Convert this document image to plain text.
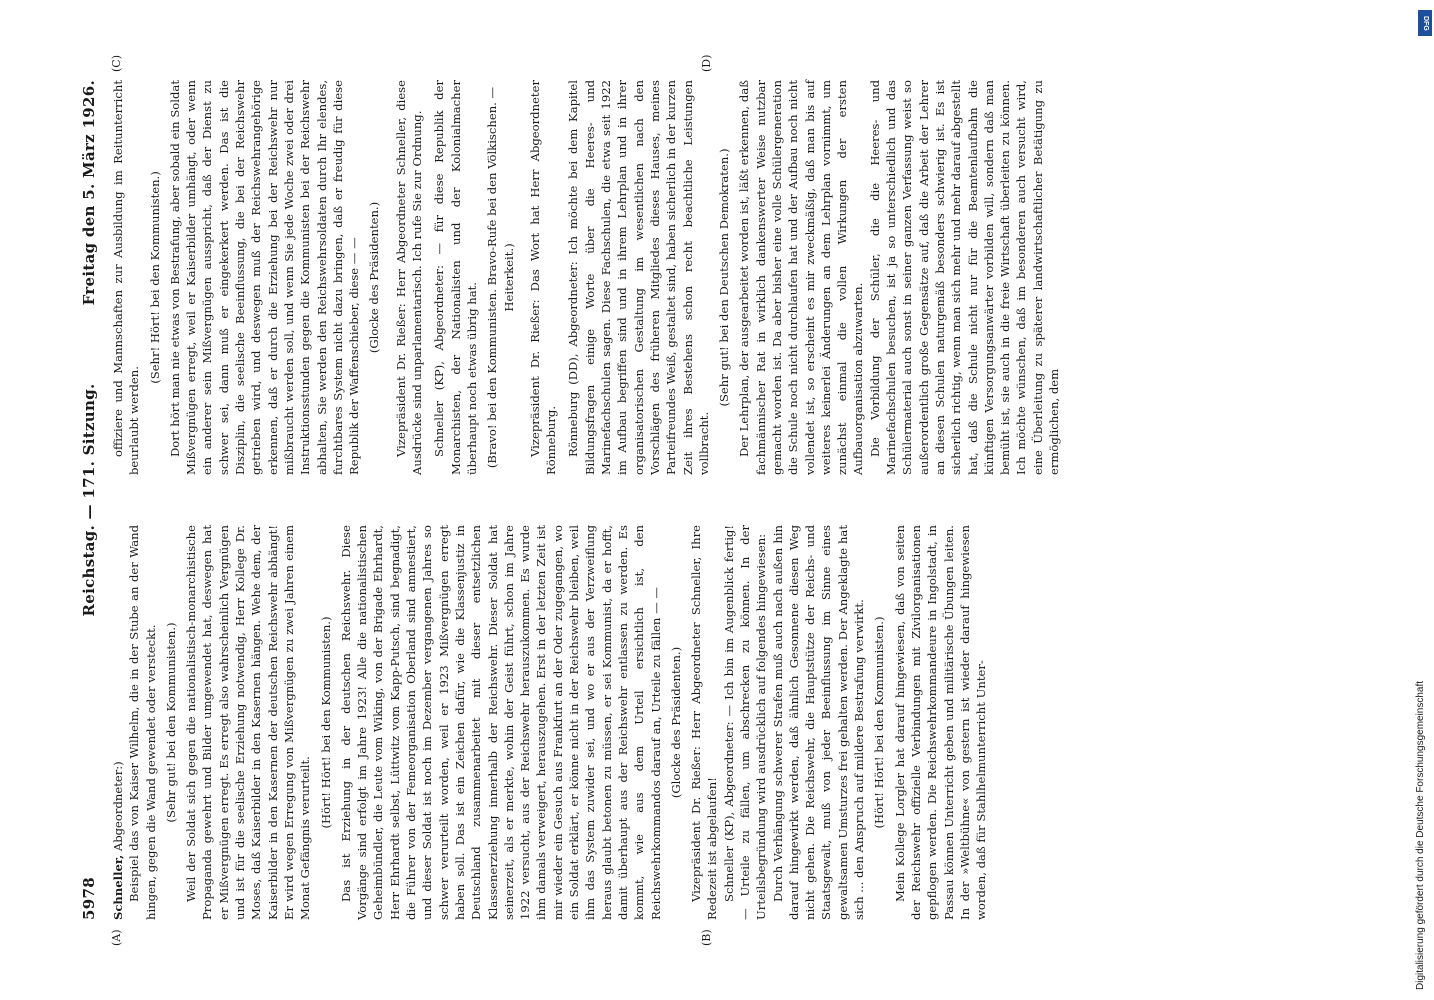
5978
Reichstag. — 171. Sitzung.
Freitag den 5. März 1926.
(A)	(B)
(C)	(D)

Schneller, Abgeordneter:) Beispiel das von Kaiser Wilhelm, die in der Stube an der Wand hingen, gegen die Wand gewendet oder versteckt. (Sehr gut! bei den Kommunisten.) Weil der Soldat sich gegen die nationalistisch-monarchistische Propaganda gewehrt und Bilder umgewendet hat, deswegen hat er Mißvergnügen erregt. Es erregt also wahrscheinlich Vergnügen und ist für die seelische Erziehung notwendig, Herr Kollege Dr. Moses, daß Kaiserbilder in den Kasernen hängen. Wehe dem, der Kaiserbilder in den Kasernen der deutschen Reichswehr abhängt! Er wird wegen Erregung von Mißvergnügen zu zwei Jahren einem Monat Gefängnis verurteilt.

(Hört! Hört! bei den Kommunisten.) Das ist Erziehung in der deutschen Reichswehr. Diese Vorgänge sind erfolgt im Jahre 1923! Alle die nationalistischen Geheimbündler, die Leute vom Wiking, von der Brigade Ehrhardt, Herr Ehrhardt selbst, Lüttwitz vom Kapp-Putsch, sind begnadigt, die Führer von der Femeorganisation Oberland sind amnestiert, und dieser Soldat ist noch im Dezember vergangenen Jahres so schwer verurteilt worden, weil er 1923 Mißvergnügen erregt haben soll. Das ist ein Zeichen dafür, wie die Klassenjustiz in Deutschland zusammenarbeitet mit dieser entsetzlichen Klassenerziehung innerhalb der Reichswehr. Dieser Soldat hat seinerzeit, als er merkte, wohin der Geist führt, schon im Jahre 1922 versucht, aus der Reichswehr herauszukommen. Es wurde ihm damals verweigert, herauszugehen. Erst in der letzten Zeit ist mir wieder ein Gesuch aus Frankfurt an der Oder zugegangen, wo ein Soldat erklärt, er könne nicht in der Reichswehr bleiben, weil ihm das System zuwider sei, und wo er aus der Verzweiflung heraus glaubt betonen zu müssen, er sei Kommunist, da er hofft, damit überhaupt aus der Reichswehr entlassen zu werden. Es kommt, wie aus dem Urteil ersichtlich ist, den Reichswehrkommandos darauf an, Urteile zu fällen — — (Glocke des Präsidenten.) Vizepräsident Dr. Rießer: Herr Abgeordneter Schneller, Ihre Redezeit ist abgelaufen! Schneller (KP), Abgeordneter: — Ich bin im Augenblick fertig! — Urteile zu fällen, um abschrecken zu können. In der Urteilsbegründung wird ausdrücklich auf folgendes hingewiesen: Durch Verhängung schwerer Strafen muß auch nach außen hin darauf hingewirkt werden, daß ähnlich Gesonnene diesen Weg nicht gehen. Die Reichswehr, die Hauptstütze der Reichs- und Staatsgewalt, muß von jeder Beeinflussung im Sinne eines gewaltsamen Umsturzes frei gehalten werden. Der Angeklagte hat sich ... den Anspruch auf mildere Bestrafung verwirkt. (Hört! Hört! bei den Kommunisten.) Mein Kollege Lorgler hat darauf hingewiesen, daß von seiten der Reichswehr offizielle Verbindungen mit Zivilorganisationen gepflogen werden. Die Reichswehrkommandeure in Ingolstadt, in Passau können Unterricht geben und militärische Übungen leiten. In der »Weltbühne« von gestern ist wieder darauf hingewiesen worden, daß für Stahlhelmunterricht Unter-

offiziere und Mannschaften zur Ausbildung im Reitunterricht beurlaubt werden.

(Sehr! Hört! bei den Kommunisten.) Dort hört man nie etwas von Bestrafung, aber sobald ein Soldat Mißvergnügen erregt, weil er Kaiserbilder umhängt, oder wenn ein anderer sein Mißvergnügen ausspricht, daß der Dienst zu schwer sei, dann muß er eingekerkert werden. Das ist die Disziplin, die seelische Beeinflussung, die bei der Reichswehr getrieben wird, und deswegen muß der Reichswehrangehörige erkennen, daß er durch die Erziehung bei der Reichswehr nur mißbraucht werden soll, und wenn Sie jede Woche zwei oder drei Instruktionsstunden gegen die Kommunisten bei der Reichswehr abhalten, Sie werden den Reichswehrsoldaten durch Ihr elendes, furchtbares System nicht dazu bringen, daß er freudig für diese Republik der Waffenschieber, diese — — (Glocke des Präsidenten.) Vizepräsident Dr. Rießer: Herr Abgeordneter Schneller, diese Ausdrücke sind unparlamentarisch. Ich rufe Sie zur Ordnung. Schneller (KP), Abgeordneter: — für diese Republik der Monarchisten, der Nationalisten und der Kolonialmacher überhaupt noch etwas übrig hat. (Bravo! bei den Kommunisten. Bravo-Rufe bei den Völkischen. — Heiterkeit.) Vizepräsident Dr. Rießer: Das Wort hat Herr Abgeordneter Rönneburg. Rönneburg (DD), Abgeordneter: Ich möchte bei dem Kapitel Bildungsfragen einige Worte über die Heeres- und Marinefachschulen sagen. Diese Fachschulen, die etwa seit 1922 im Aufbau begriffen sind und in ihrem Lehrplan und in ihrer organisatorischen Gestaltung im wesentlichen nach den Vorschlägen des früheren Mitgliedes dieses Hauses, meines Parteifreundes Weiß, gestaltet sind, haben sicherlich in der kurzen Zeit ihres Bestehens schon recht beachtliche Leistungen vollbracht.

(Sehr gut! bei den Deutschen Demokraten.) Der Lehrplan, der ausgearbeitet worden ist, läßt erkennen, daß fachmännischer Rat in wirklich dankenswerter Weise nutzbar gemacht worden ist. Da aber bisher eine volle Schülergeneration die Schule noch nicht durchlaufen hat und der Aufbau noch nicht vollendet ist, so erscheint es mir zweckmäßig, daß man bis auf weiteres keinerlei Änderungen an dem Lehrplan vornimmt, um zunächst einmal die vollen Wirkungen der ersten Aufbauorganisation abzuwarten. Die Vorbildung der Schüler, die die Heeres- und Marinefachschulen besuchen, ist ja so unterschiedlich und das Schülermaterial auch sonst in seiner ganzen Verfassung weist so außerordentlich große Gegensätze auf, daß die Arbeit der Lehrer an diesen Schulen naturgemäß besonders schwierig ist. Es ist sicherlich richtig, wenn man sich mehr und mehr darauf abgestellt hat, daß die Schule nicht nur für die Beamtenlaufbahn die künftigen Versorgungsanwärter vorbilden will, sondern daß man bemüht ist, sie auch in die freie Wirtschaft überleiten zu können. Ich möchte wünschen, daß im besonderen auch versucht wird, eine Überleitung zu späterer landwirtschaftlicher Betätigung zu ermöglichen, dem

DFG
Digitalisierung gefördert durch die Deutsche Forschungsgemeinschaft
